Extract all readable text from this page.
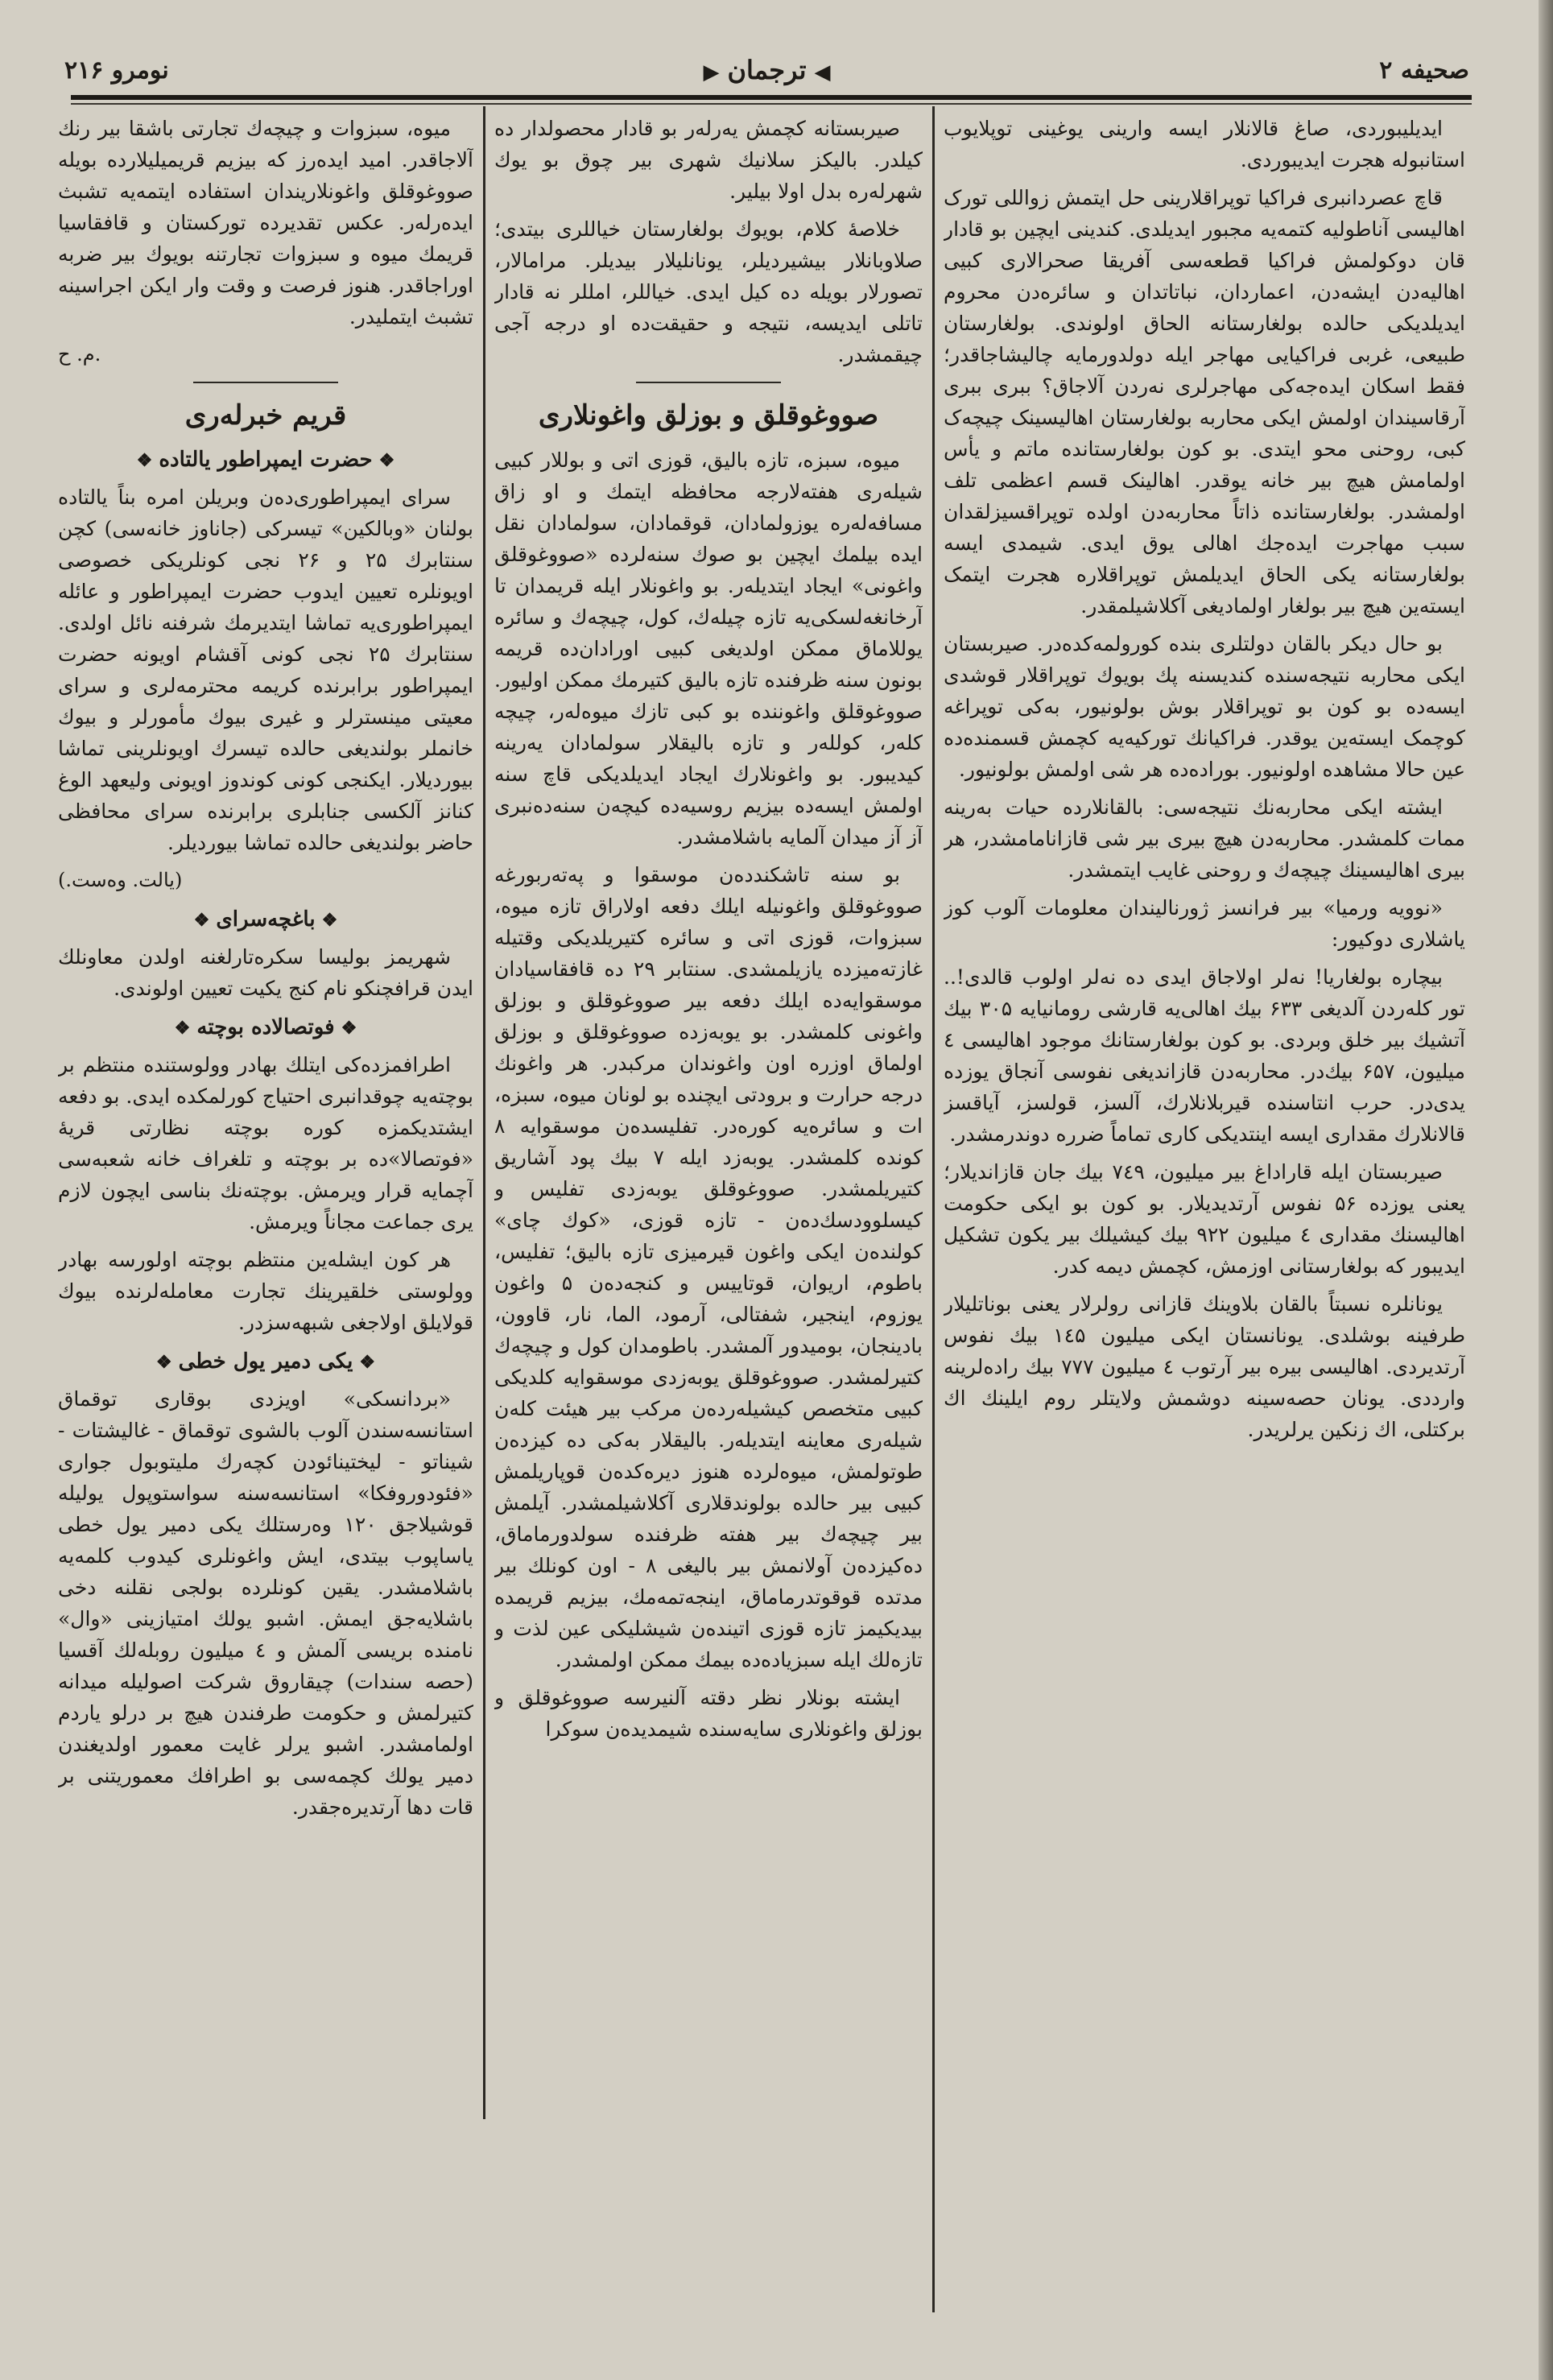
صحیفه ۲
◀ترجمان▶
نومرو ۲۱۶

ایدیلیبوردی، صاغ قالانلار ایسه وارینی یوغینی توپلایوب استانبوله هجرت ایدیبوردی.

قاچ عصردانبری فراکیا توپراقلارینی حل ایتمش زواللی تورک اهالیسی آناطولیه کتمه‌یه مجبور ایدیلدی. کندینی ایچین بو قادار قان دوکولمش فراکیا قطعه‌سی آفریقا صحرالاری کبیی اهالیه‌دن ایشه‌دن، اعماردان، نباتاتدان و سائره‌دن محروم ایدیلدیکی حالده بولغارستانه الحاق اولوندی. بولغارستان طبیعی، غربی فراکیایی مهاجر ایله دولدورمایه چالیشاجاقدر؛ فقط اسکان ایده‌جه‌کی مهاجرلری نه‌ردن آلاجاق؟ ببری ببری آرقاسیندان اولمش ایکی محاربه بولغارستان اهالیسینک چیچه‌ک کبی، روحنی محو ایتدی. بو کون بولغارستانده ماتم و یأس اولمامش هیچ بیر خانه یوقدر. اهالینک قسم اعظمی تلف اولمشدر. بولغارستانده ذاتاً محاربه‌دن اولده توپراقسیزلقدان سبب مهاجرت ایده‌جك اهالی یوق ایدی. شیمدی ایسه بولغارستانه یکی الحاق ایدیلمش توپراقلاره هجرت ایتمک ایسته‌ین هیچ بیر بولغار اولمادیغی آکلاشیلمقدر.

بو حال دیکر بالقان دولتلری بنده کورولمه‌کده‌در. صیربستان ایکی محاربه نتیجه‌سنده کندیسنه پك بویوك توپراقلار قوشدی ایسه‌ده بو کون بو توپراقلار بوش بولونیور، بەکی توپراغه کوچمک ایسته‌ین یوقدر. فراکیانك تورکیه‌یه کچمش قسمنده‌ده عین حالا مشاهده اولونیور. بوراده‌ده هر شی اولمش بولونیور.

ایشته ایکی محاربه‌نك نتیجه‌سی: بالقانلارده حیات بەرینه ممات کلمشدر. محاربه‌دن هیچ بیری بیر شی قازانامامشدر، هر بیری اهالیسینك چیچه‌ك و روحنی غایب ایتمشدر.

«نوویه ورمیا» بیر فرانسز ژورنالیندان معلومات آلوب کوز یاشلاری دوکیور:

بیچاره بولغاریا! نه‌لر اولاجاق ایدی ده نه‌لر اولوب قالدی!.. تور کله‌ردن آلدیغی ۶۳۳ بیك اهالی‌یه قارشی رومانیایه ۳۰۵ بیك آتشیك بیر خلق وبردی. بو کون بولغارستانك موجود اهالیسی ٤ میلیون، ۶۵۷ بیك‌در. محاربه‌دن قازاندیغی نفوسی آنجاق یوزده یدی‌در. حرب انتاسنده قیربلانلارك، آلسز، قولسز، آیاقسز قالانلارك مقداری ایسه اینتدیکی کاری تماماً ضرره دوندرمشدر.

صیربستان ایله قاراداغ بیر میلیون، ۷٤۹ بیك جان قازاندیلار؛ یعنی یوزده ۵۶ نفوس آرتدیدیلار. بو کون بو ایکی حکومت اهالیسنك مقداری ٤ میلیون ۹۲۲ بیك کیشیلك بیر یکون تشکیل ایدیبور که بولغارستانی اوزمش، کچمش دیمه کدر.

یونانلره نسبتاً بالقان بلاوینك قازانی رولرلار یعنی بوناتلیلار طرفینه بوشلدی. یونانستان ایکی میلیون ۱٤۵ بیك نفوس آرتدیردی. اهالیسی بیره بیر آرتوب ٤ میلیون ۷۷۷ بیك راده‌لرینه وارددی. یونان حصه‌سینه دوشمش ولایتلر روم ایلینك اك برکتلی، اك زنکین یرلریدر.

صیربستانه کچمش یەرلەر بو قادار محصولدار ده کیلدر. بالیکز سلانیك شهری بیر چوق بو یوك شهرلەرە بدل اولا بیلیر.

خلاصهٔ کلام، بویوك بولغارستان خیاللری بیتدی؛ صلاوبانلار بیشیردیلر، یونانلیلار بیدیلر. مرامالار، تصورلار بویله ده کیل ایدی. خیاللر، امللر نه قادار تاتلی ایدیسه، نتیجه و حقیقت‌ده او درجه آجی چیقمشدر.

صووغوقلق و بوزلق واغونلاری

میوه، سبزه، تازه بالیق، قوزی اتی و بوللار کبیی شیله‌ری هفته‌لارجه محافظه ایتمك و او زاق مسافه‌لەره یوزولمادان، قوقمادان، سولمادان نقل ایده بیلمك ایچین بو صوك سنه‌لرده «صووغوقلق واغونی» ایجاد ایتدیلەر. بو واغونلار ایله قریمدان تا آرخانغه‌لسکی‌یه تازه چیله‌ك، کول، چیچه‌ك و سائره یوللاماق ممکن اولدیغی کبیی اورادان‌ده قریمه بونون سنه ظرفنده تازه بالیق کتیرمك ممکن اولیور. صووغوقلق واغوننده بو کبی تازك میوه‌لەر، چیچه کلەر، کوللەر و تازه بالیقلار سولمادان یەرینه کیدیبور. بو واغونلارك ایجاد ایدیلدیکی قاچ سنه اولمش ایسه‌ده بیزیم روسیه‌ده کیچەن سنه‌دەنبری آز آز میدان آلمایه باشلامشدر.

بو سنه تاشکنددەن موسقوا و پەتەربورغە صووغوقلق واغونیله ایلك دفعه اولاراق تازه میوه، سبزوات، قوزی اتی و سائره کتیریلدیکی وقتیله غازته‌میزده یازیلمشدی. سنتابر ۲۹ ده قافقاسیادان موسقوایه‌ده ایلك دفعه بیر صووغوقلق و بوزلق واغونی کلمشدر. بو یوبه‌زده صووغوقلق و بوزلق اولماق اوزره اون واغوندان مرکبدر. هر واغونك درجه حرارت و برودتی ایچنده بو لونان میوه، سبزه، ات و سائره‌یه کوره‌در. تفلیسدەن موسقوایه ۸ کونده کلمشدر. یوبه‌زد ایله ۷ بیك پود آشاریق کتیریلمشدر. صووغوقلق یوبه‌زدی تفلیس و کیسلوودسك‌دەن - تازه قوزی، «کوك چای» کولندەن ایکی واغون قیرمیزی تازه بالیق؛ تفلیس، باطوم، اریوان، قوتاییس و کنجه‌ده‌ن ۵ واغون یوزوم، اینجیر، شفتالی، آرمود، الما، نار، قاوون، بادینجان، بومیدور آلمشدر. باطومدان کول و چیچه‌ك کتیرلمشدر. صووغوقلق یوبه‌زدی موسقوایه کلدیکی کبیی متخصص کیشیله‌ردەن مرکب بیر هیئت کله‌ن شیله‌ری معاینه ایتدیلەر. بالیقلار بەکی ده کیزدەن طوتولمش، میوه‌لرده هنوز دیره‌کدەن قوپاریلمش کبیی بیر حالده بولوندقلاری آکلاشیلمشدر. آیلمش بیر چیچه‌ك بیر هفته ظرفنده سولدورماماق، ده‌کیزدەن آولانمش بیر بالیغی ۸ - اون کونلك بیر مدتده قوقوتدرماماق، اینجەتمەمك، بیزیم قریمده بیدیکیمز تازه قوزی اتیندەن شیشلیکی عین لذت و تازه‌لك ایله سبزیاده‌ده بیمك ممکن اولمشدر.

ایشته بونلار نظر دقته آلنیرسه صووغوقلق و بوزلق واغونلاری سایەسندە شیمدیدەن سوکرا

میوه، سبزوات و چیچه‌ك تجارتی باشقا بیر رنك آلاجاقدر. امید ایدەرز که بیزیم قریمیلیلارده بویله صووغوقلق واغونلاریندان استفاده ایتمه‌یه تشبث ایده‌رلەر. عکس تقدیرده تورکستان و قافقاسیا قریمك میوه و سبزوات تجارتنه بویوك بیر ضربه اوراجاقدر. هنوز فرصت و وقت وار ایکن اجراسینه تشبث ایتملیدر.

م. ح.
قریم خبرلەری
❖حضرت ایمپراطور یالتاده❖

سرای ایمپراطوری‌دەن وبریلن امره بناً یالتاده بولنان «وبالکین» تیسرکی (جاناوز خانه‌سی) کچن سنتابرك ۲۵ و ۲۶ نجی کونلریکی خصوصی اویونلره تعیین ایدوب حضرت ایمپراطور و عائله ایمپراطوری‌یه تماشا ایتدیرمك شرفنه نائل اولدی. سنتابرك ۲۵ نجی کونی آقشام اویونه حضرت ایمپراطور برابرنده کریمه محترمه‌لری و سرای معیتی مینسترلر و غیری بیوك مأمورلر و بیوك خانملر بولندیغی حالده تیسرك اویونلرینی تماشا بیوردیلار. ایکنجی کونی کوندوز اویونی ولیعهد الوغ کنانز آلکسی جنابلری برابرنده سرای محافظی حاضر بولندیغی حالده تماشا بیوردیلر.

(یالت. وەست.)
❖باغچه‌سرای❖

شهریمز بولیسا سکره‌تارلغنه اولدن معاونلك ایدن قرافچنکو نام کنج یکیت تعیین اولوندی.

❖فوتصالاده بوچته❖

اطرافمزده‌کی ایتلك بهادر وولوستنده منتظم بر بوچته‌یه چوقدانبری احتیاج کورلمکده ایدی. بو دفعه ایشتدیکمزه کوره بوچته نظارتی قریهٔ «فوتصالا»ده بر بوچته و تلغراف خانه شعبه‌سی آچمایه قرار ویرمش. بوچته‌نك بناسی ایچون لازم یری جماعت مجاناً ویرمش.

هر کون ایشله‌ین منتظم بوچته اولورسه بهادر وولوستی خلقیرینك تجارت معامله‌لرنده بیوك قولایلق اولاجغی شبهه‌سزدر.

❖یکی دمیر یول خطی❖

«بردانسکی» اویزدی بوقاری توقماق استانسه‌سندن آلوب بالشوی توقماق - غالیشتات - شیناتو - لیختینائودن کچەرك ملیتوبول جواری «فئودوروفکا» استانسه‌سنه سواستوپول یولیله قوشیلاجق ۱۲۰ وەرستلك یکی دمیر یول خطی یاساپوب بیتدی، ایش واغونلری کیدوب کلمه‌یه باشلامشدر. یقین کونلرده بولجی نقلنه دخی باشلایه‌جق ایمش. اشبو یولك امتیازینی «وال» نامنده بریسی آلمش و ٤ میلیون روبله‌لك آقسیا (حصه سندات) چیقاروق شرکت اصولیله میدانه کتیرلمش و حکومت طرفندن هیچ بر درلو یاردم اولمامشدر. اشبو یرلر غایت معمور اولدیغندن دمیر یولك کچمه‌سی بو اطرافك معموریتنی بر قات دها آرتدیره‌جقدر.
